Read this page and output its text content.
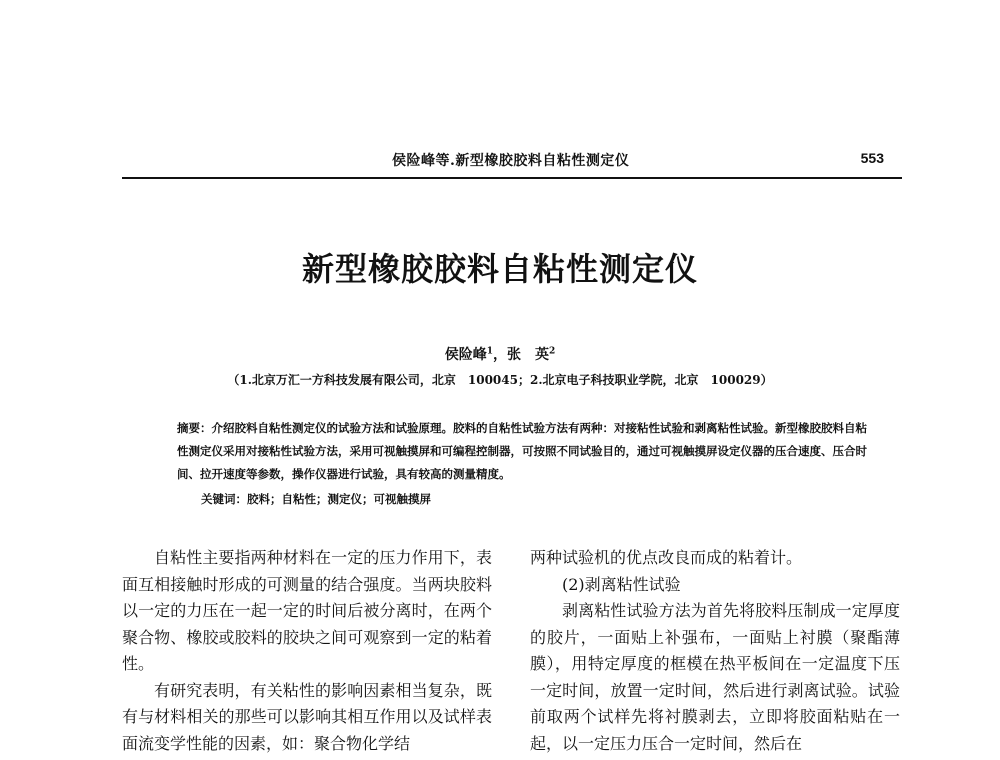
侯险峰等.新型橡胶胶料自粘性测定仪	553
新型橡胶胶料自粘性测定仪
侯险峰$^1$，张　英$^2$
（1.北京万汇一方科技发展有限公司，北京　100045；2.北京电子科技职业学院，北京　100029）
摘要：介绍胶料自粘性测定仪的试验方法和试验原理。胶料的自粘性试验方法有两种：对接粘性试验和剥离粘性试验。新型橡胶胶料自粘性测定仪采用对接粘性试验方法，采用可视触摸屏和可编程控制器，可按照不同试验目的，通过可视触摸屏设定仪器的压合速度、压合时间、拉开速度等参数，操作仪器进行试验，具有较高的测量精度。
关键词：胶料；自粘性；测定仪；可视触摸屏

自粘性主要指两种材料在一定的压力作用下，表面互相接触时形成的可测量的结合强度。当两块胶料以一定的力压在一起一定的时间后被分离时，在两个聚合物、橡胶或胶料的胶块之间可观察到一定的粘着性。

有研究表明，有关粘性的影响因素相当复杂，既有与材料相关的那些可以影响其相互作用以及试样表面流变学性能的因素，如：聚合物化学结

两种试验机的优点改良而成的粘着计。

(2)剥离粘性试验

剥离粘性试验方法为首先将胶料压制成一定厚度的胶片，一面贴上补强布，一面贴上衬膜（聚酯薄膜），用特定厚度的框模在热平板间在一定温度下压一定时间，放置一定时间，然后进行剥离试验。试验前取两个试样先将衬膜剥去，立即将胶面粘贴在一起，以一定压力压合一定时间，然后在
